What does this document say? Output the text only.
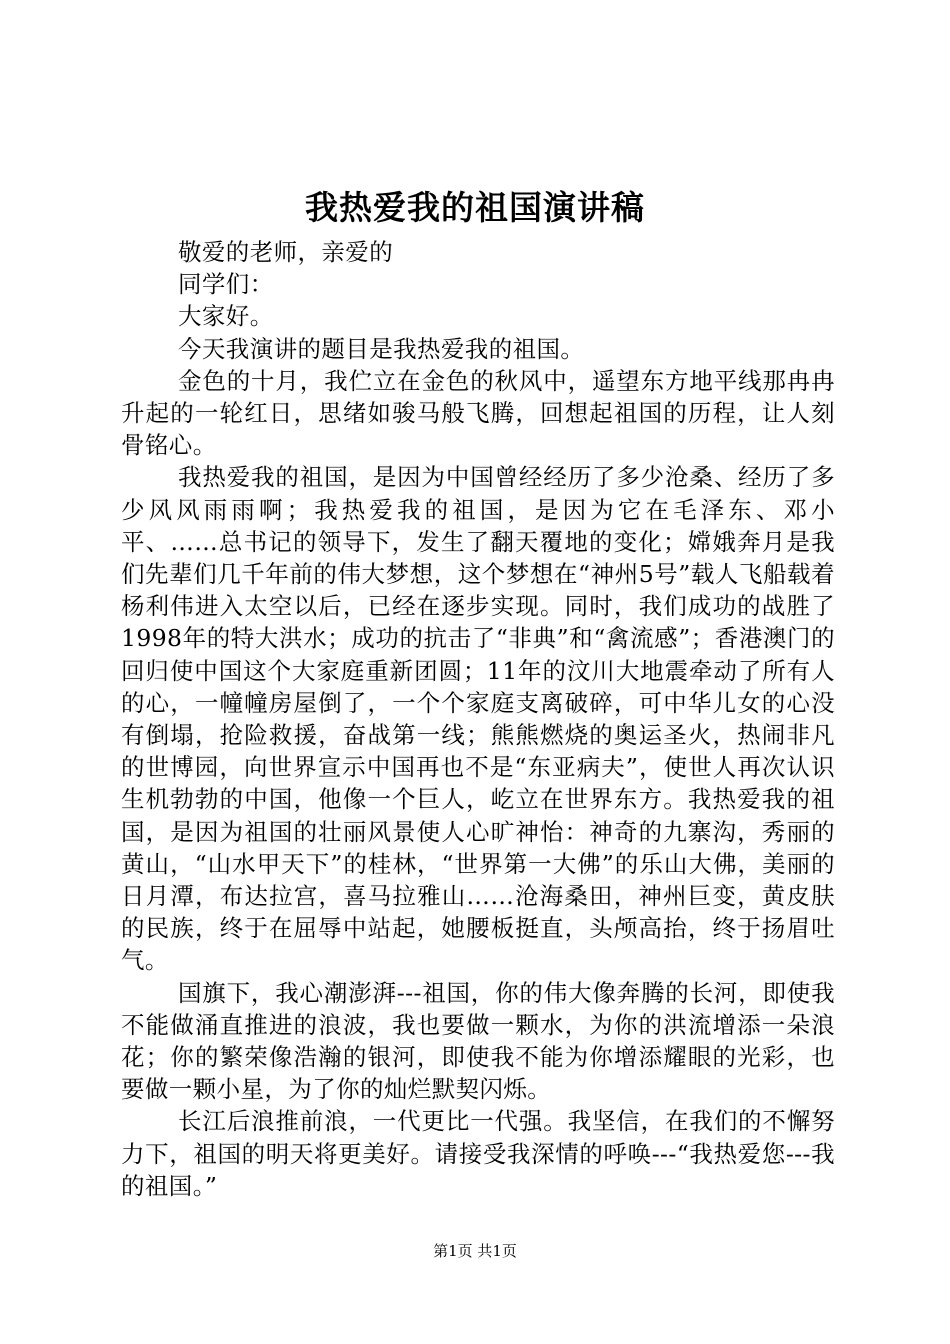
我热爱我的祖国演讲稿

敬爱的老师，亲爱的

同学们：

大家好。

今天我演讲的题目是我热爱我的祖国。

金色的十月，我伫立在金色的秋风中，遥望东方地平线那冉冉升起的一轮红日，思绪如骏马般飞腾，回想起祖国的历程，让人刻骨铭心。

我热爱我的祖国，是因为中国曾经经历了多少沧桑、经历了多少风风雨雨啊；我热爱我的祖国，是因为它在毛泽东、邓小平、……总书记的领导下，发生了翻天覆地的变化；嫦娥奔月是我们先辈们几千年前的伟大梦想，这个梦想在“神州5号”载人飞船载着杨利伟进入太空以后，已经在逐步实现。同时，我们成功的战胜了1998年的特大洪水；成功的抗击了“非典”和“禽流感”；香港澳门的回归使中国这个大家庭重新团圆；11年的汶川大地震牵动了所有人的心，一幢幢房屋倒了，一个个家庭支离破碎，可中华儿女的心没有倒塌，抢险救援，奋战第一线；熊熊燃烧的奥运圣火，热闹非凡的世博园，向世界宣示中国再也不是“东亚病夫”，使世人再次认识生机勃勃的中国，他像一个巨人，屹立在世界东方。我热爱我的祖国，是因为祖国的壮丽风景使人心旷神怡：神奇的九寨沟，秀丽的黄山，“山水甲天下”的桂林，“世界第一大佛”的乐山大佛，美丽的日月潭，布达拉宫，喜马拉雅山……沧海桑田，神州巨变，黄皮肤的民族，终于在屈辱中站起，她腰板挺直，头颅高抬，终于扬眉吐气。

国旗下，我心潮澎湃---祖国，你的伟大像奔腾的长河，即使我不能做涌直推进的浪波，我也要做一颗水，为你的洪流增添一朵浪花；你的繁荣像浩瀚的银河，即使我不能为你增添耀眼的光彩，也要做一颗小星，为了你的灿烂默契闪烁。

长江后浪推前浪，一代更比一代强。我坚信，在我们的不懈努力下，祖国的明天将更美好。请接受我深情的呼唤---“我热爱您---我的祖国。”

第1页 共1页
